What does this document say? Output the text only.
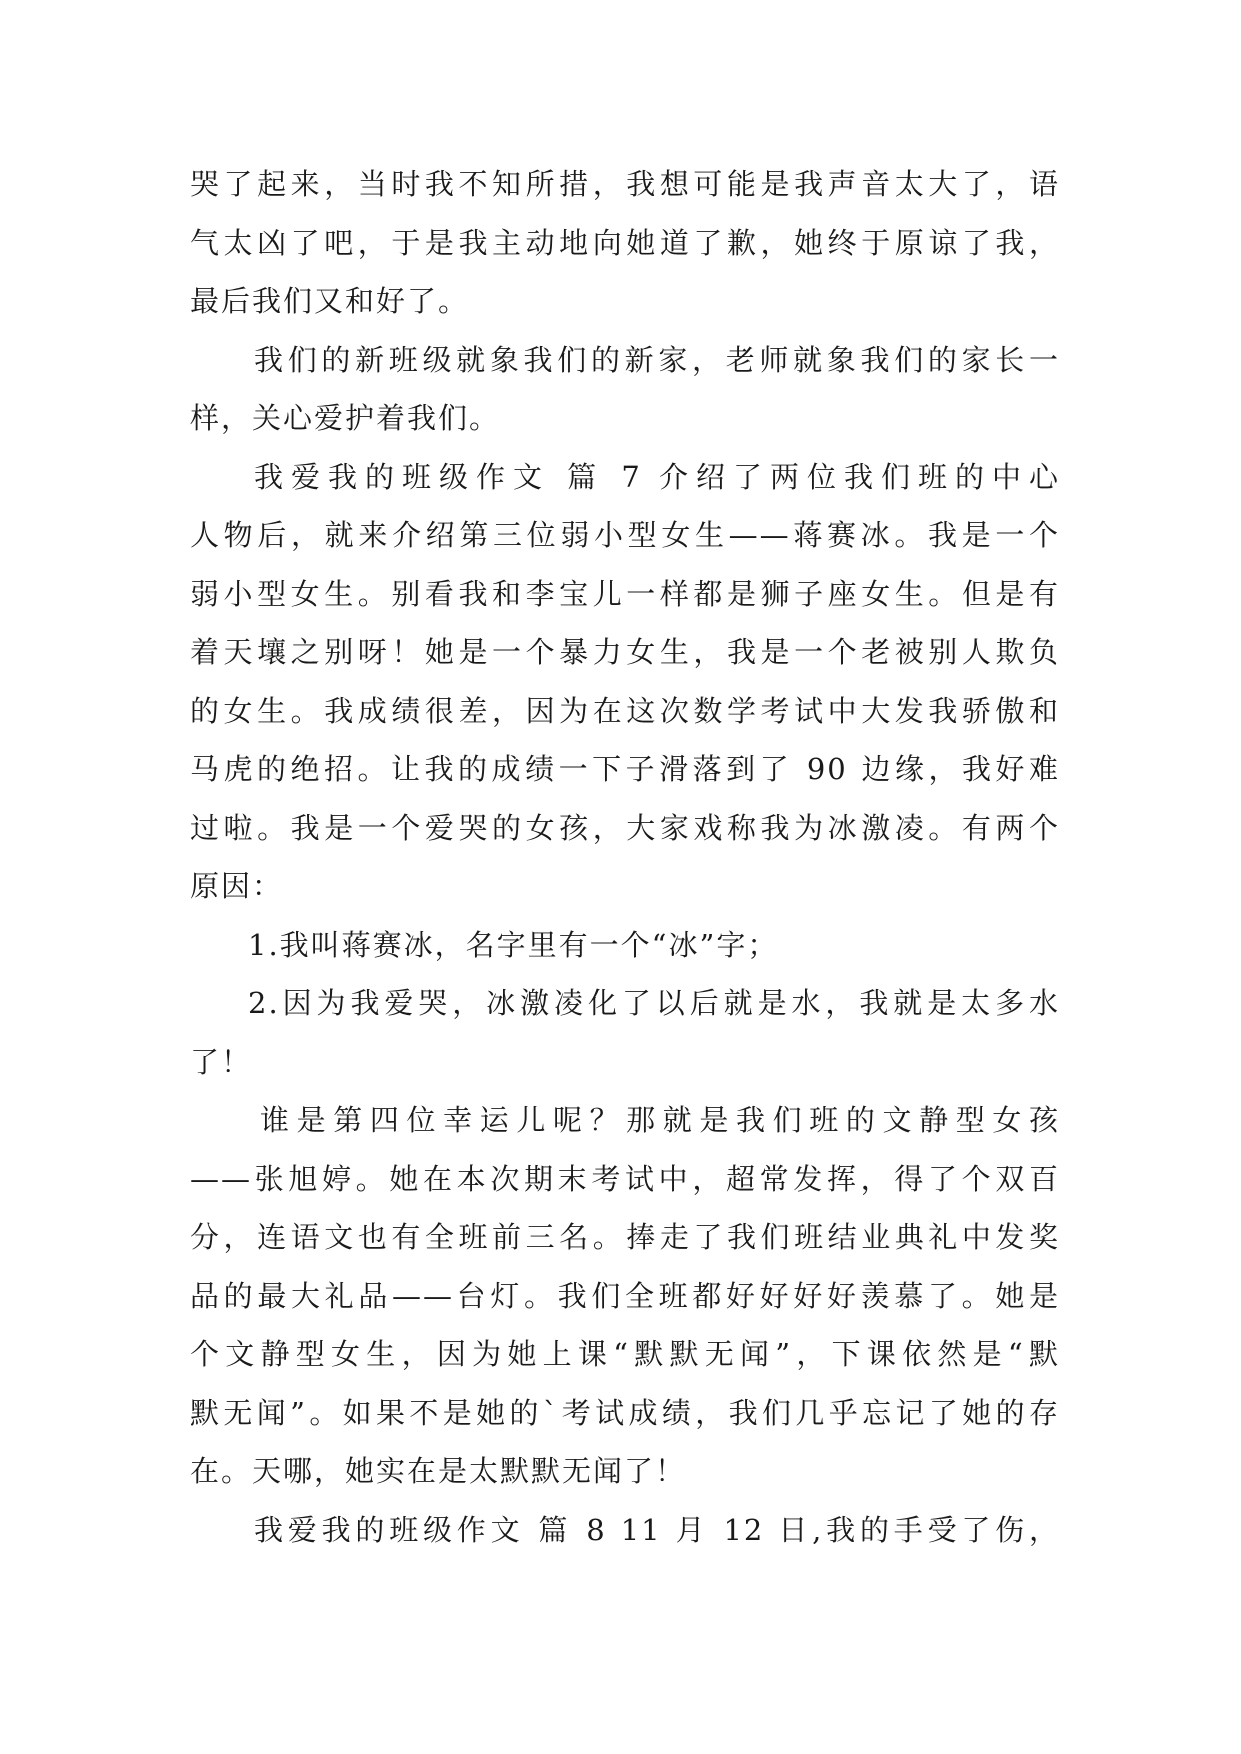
哭了起来，当时我不知所措，我想可能是我声音太大了，语
气太凶了吧，于是我主动地向她道了歉，她终于原谅了我，
最后我们又和好了。
我们的新班级就象我们的新家，老师就象我们的家长一
样，关心爱护着我们。
我爱我的班级作文 篇 7 介绍了两位我们班的中心
人物后，就来介绍第三位弱小型女生——蒋赛冰。我是一个
弱小型女生。别看我和李宝儿一样都是狮子座女生。但是有
着天壤之别呀！她是一个暴力女生，我是一个老被别人欺负
的女生。我成绩很差，因为在这次数学考试中大发我骄傲和
马虎的绝招。让我的成绩一下子滑落到了 90 边缘，我好难
过啦。我是一个爱哭的女孩，大家戏称我为冰激凌。有两个
原因：
1.我叫蒋赛冰，名字里有一个“冰”字；
2.因为我爱哭，冰激凌化了以后就是水，我就是太多水
了！
谁是第四位幸运儿呢？那就是我们班的文静型女孩
——张旭婷。她在本次期末考试中，超常发挥，得了个双百
分，连语文也有全班前三名。捧走了我们班结业典礼中发奖
品的最大礼品——台灯。我们全班都好好好好羡慕了。她是
个文静型女生，因为她上课“默默无闻”，下课依然是“默
默无闻”。如果不是她的`考试成绩，我们几乎忘记了她的存
在。天哪，她实在是太默默无闻了！
我爱我的班级作文 篇 8 11 月 12 日,我的手受了伤，
